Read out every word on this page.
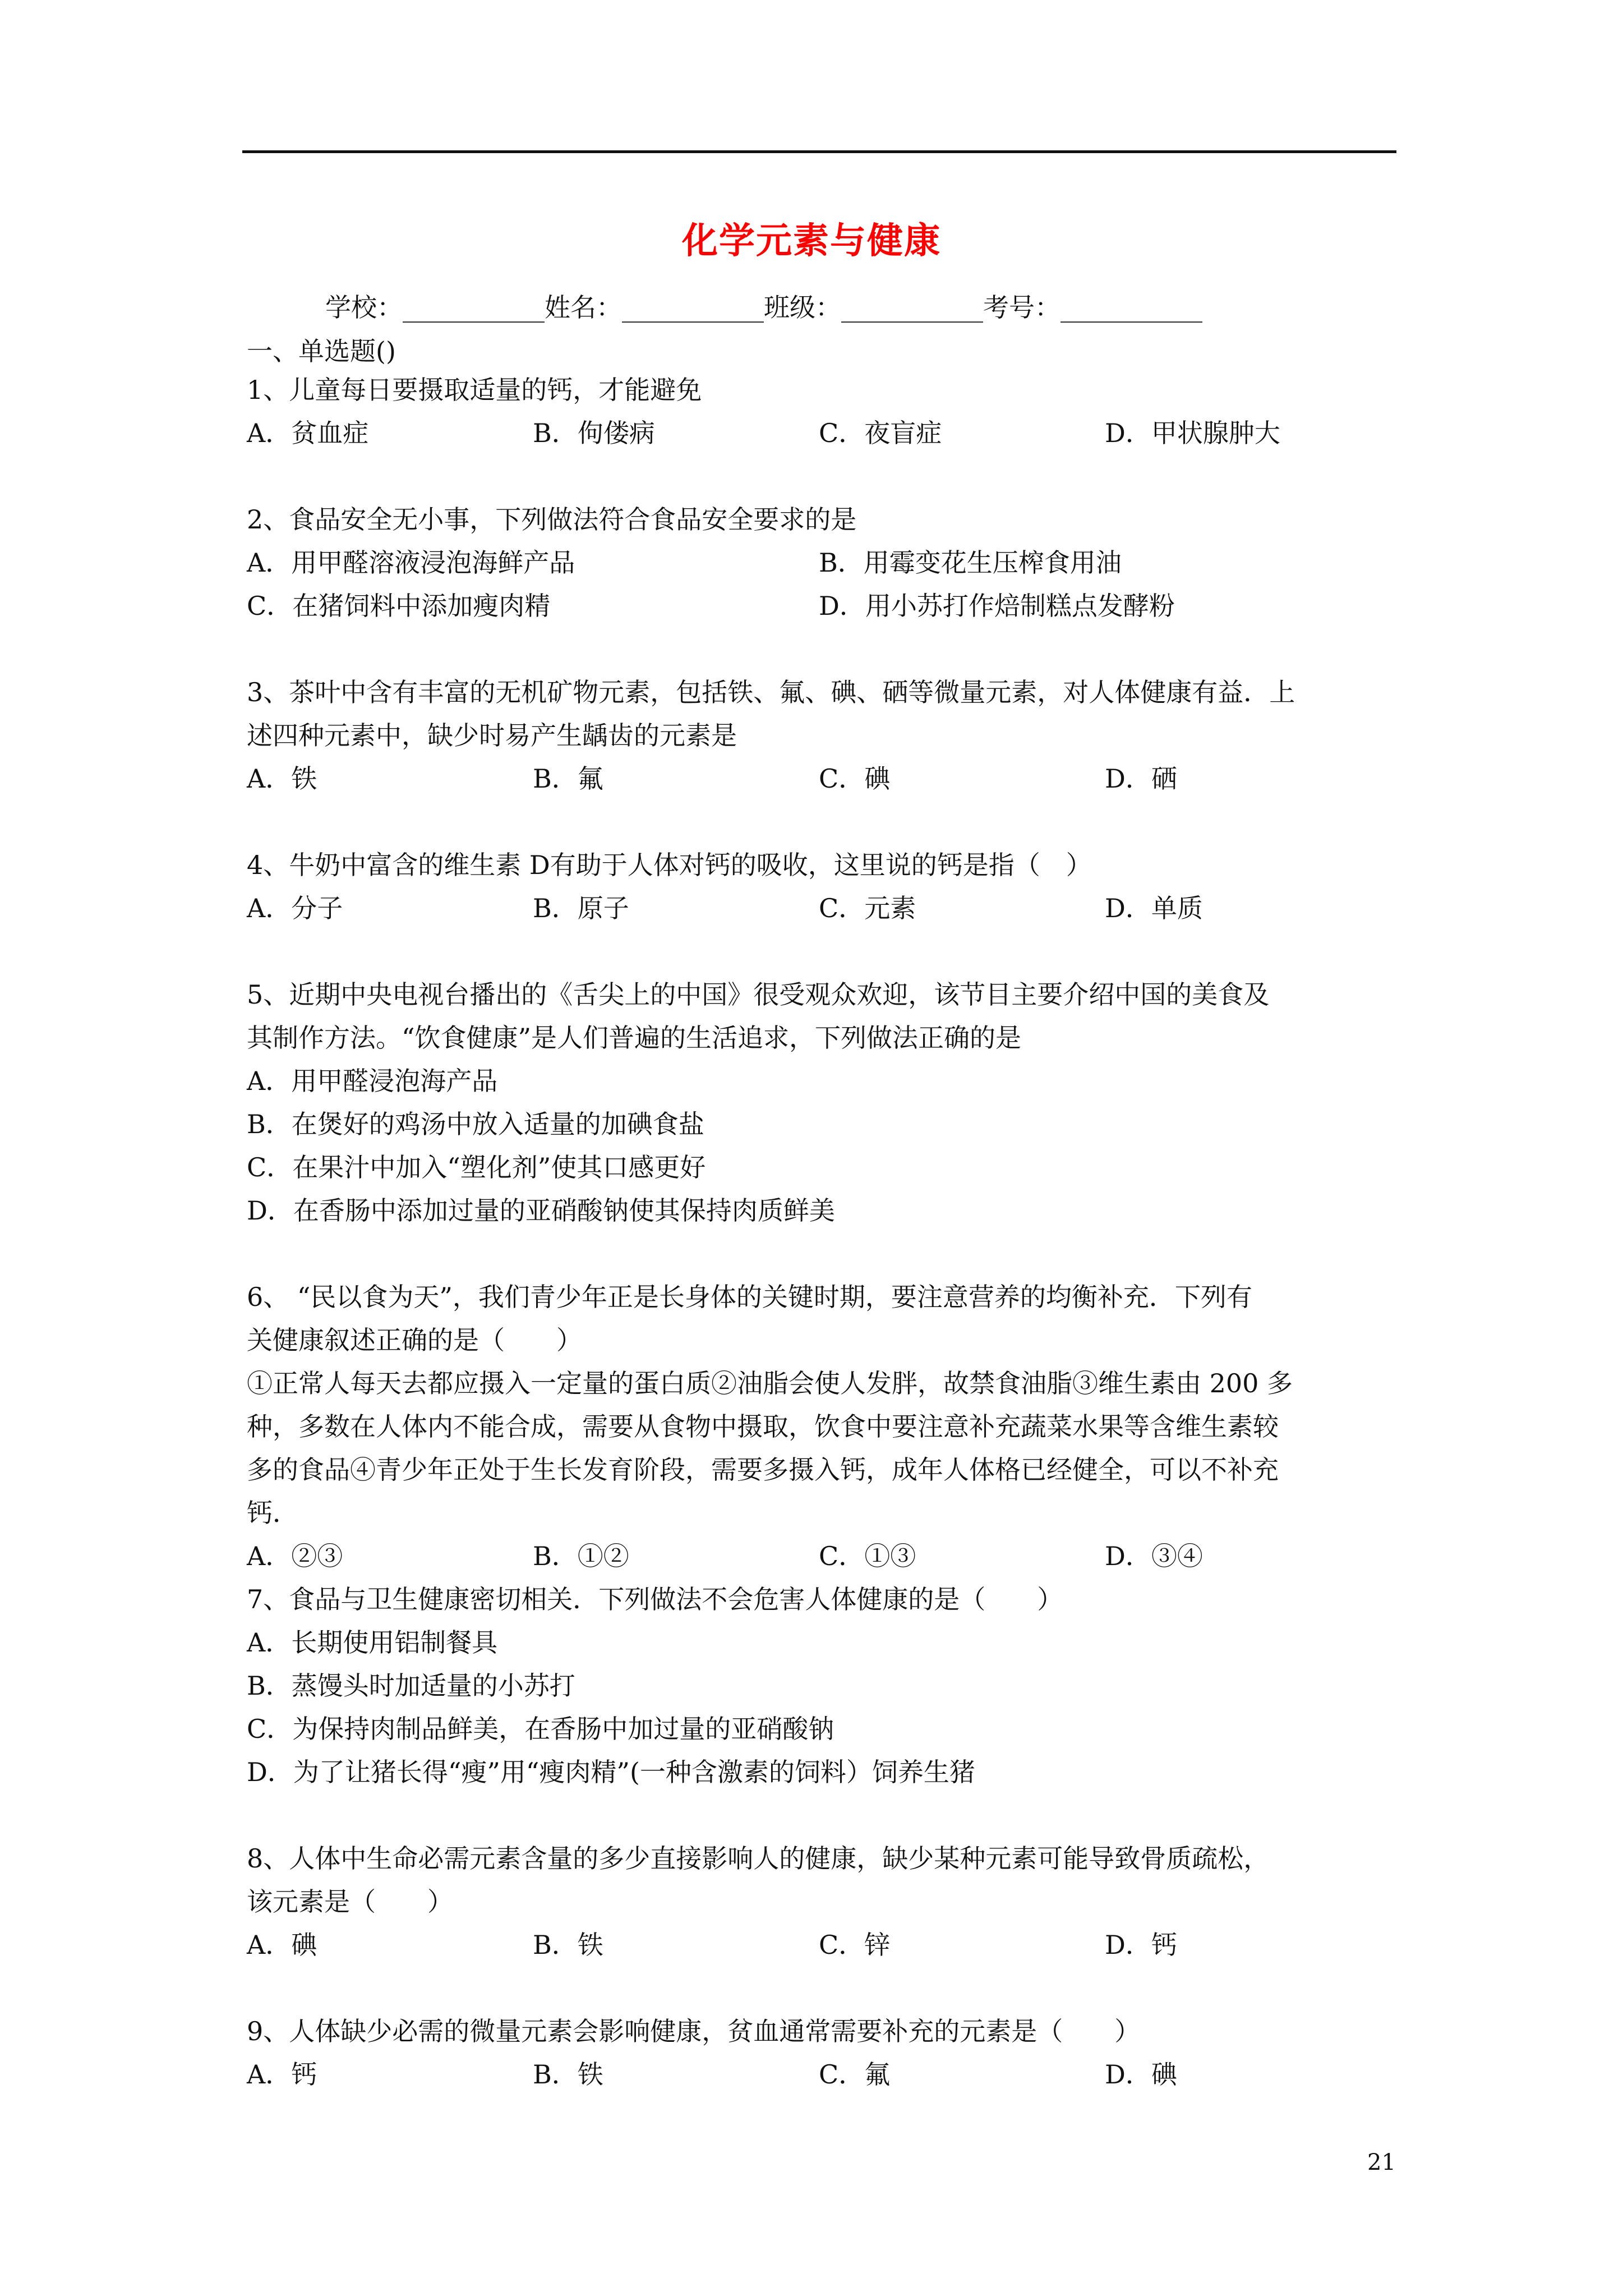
化学元素与健康
学校：___________姓名：___________班级：___________考号：___________
一、单选题()
1、儿童每日要摄取适量的钙，才能避免
A．贫血症	B．佝偻病	C．夜盲症	D．甲状腺肿大
2、食品安全无小事，下列做法符合食品安全要求的是
A．用甲醛溶液浸泡海鲜产品	B．用霉变花生压榨食用油
C．在猪饲料中添加瘦肉精	D．用小苏打作焙制糕点发酵粉
3、茶叶中含有丰富的无机矿物元素，包括铁、氟、碘、硒等微量元素，对人体健康有益．上
述四种元素中，缺少时易产生龋齿的元素是
A．铁	B．氟	C．碘	D．硒
4、牛奶中富含的维生素 D有助于人体对钙的吸收，这里说的钙是指（　）
A．分子	B．原子	C．元素	D．单质
5、近期中央电视台播出的《舌尖上的中国》很受观众欢迎，该节目主要介绍中国的美食及
其制作方法。“饮食健康”是人们普遍的生活追求，下列做法正确的是
A．用甲醛浸泡海产品
B．在煲好的鸡汤中放入适量的加碘食盐
C．在果汁中加入“塑化剂”使其口感更好
D．在香肠中添加过量的亚硝酸钠使其保持肉质鲜美
6、 “民以食为天”，我们青少年正是长身体的关键时期，要注意营养的均衡补充．下列有
关健康叙述正确的是（　　）
①正常人每天去都应摄入一定量的蛋白质②油脂会使人发胖，故禁食油脂③维生素由 200 多
种，多数在人体内不能合成，需要从食物中摄取，饮食中要注意补充蔬菜水果等含维生素较
多的食品④青少年正处于生长发育阶段，需要多摄入钙，成年人体格已经健全，可以不补充
钙．
A．②③	B．①②	C．①③	D．③④
7、食品与卫生健康密切相关．下列做法不会危害人体健康的是（　　）
A．长期使用铝制餐具
B．蒸馒头时加适量的小苏打
C．为保持肉制品鲜美，在香肠中加过量的亚硝酸钠
D．为了让猪长得“瘦”用“瘦肉精”(一种含激素的饲料）饲养生猪
8、人体中生命必需元素含量的多少直接影响人的健康，缺少某种元素可能导致骨质疏松，
该元素是（　　）
A．碘	B．铁	C．锌	D．钙
9、人体缺少必需的微量元素会影响健康，贫血通常需要补充的元素是（　　）
A．钙	B．铁	C．氟	D．碘
21
